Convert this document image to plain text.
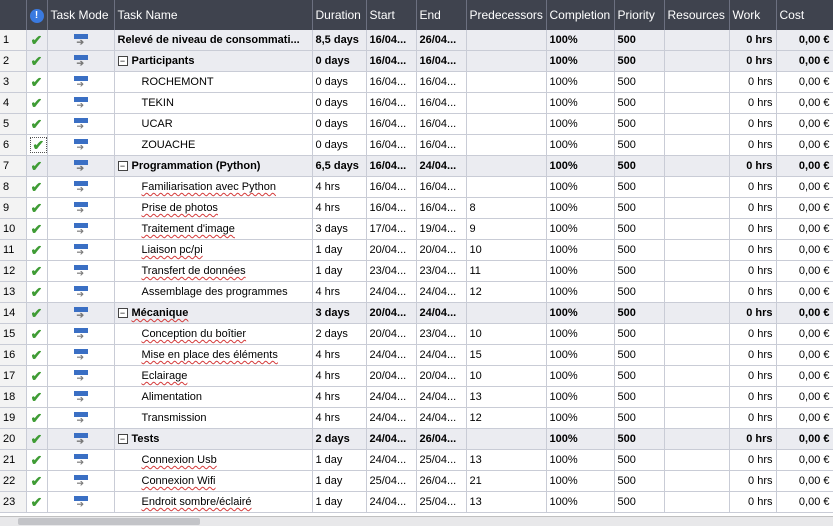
	!	Task Mode	Task Name	Duration	Start	End	Predecessors	Completion	Priority	Resources	Work	Cost
1	✔	➔	Relevé de niveau de consommati...	8,5 days	16/04...	26/04...		100%	500		0 hrs	0,00 €
2	✔	➔	− Participants	0 days	16/04...	16/04...		100%	500		0 hrs	0,00 €
3	✔	➔	ROCHEMONT	0 days	16/04...	16/04...		100%	500		0 hrs	0,00 €
4	✔	➔	TEKIN	0 days	16/04...	16/04...		100%	500		0 hrs	0,00 €
5	✔	➔	UCAR	0 days	16/04...	16/04...		100%	500		0 hrs	0,00 €
6	✔	➔	ZOUACHE	0 days	16/04...	16/04...		100%	500		0 hrs	0,00 €
7	✔	➔	− Programmation (Python)	6,5 days	16/04...	24/04...		100%	500		0 hrs	0,00 €
8	✔	➔	Familiarisation avec Python	4 hrs	16/04...	16/04...		100%	500		0 hrs	0,00 €
9	✔	➔	Prise de photos	4 hrs	16/04...	16/04...	8	100%	500		0 hrs	0,00 €
10	✔	➔	Traitement d'image	3 days	17/04...	19/04...	9	100%	500		0 hrs	0,00 €
11	✔	➔	Liaison pc/pi	1 day	20/04...	20/04...	10	100%	500		0 hrs	0,00 €
12	✔	➔	Transfert de données	1 day	23/04...	23/04...	11	100%	500		0 hrs	0,00 €
13	✔	➔	Assemblage des programmes	4 hrs	24/04...	24/04...	12	100%	500		0 hrs	0,00 €
14	✔	➔	− Mécanique	3 days	20/04...	24/04...		100%	500		0 hrs	0,00 €
15	✔	➔	Conception du boîtier	2 days	20/04...	23/04...	10	100%	500		0 hrs	0,00 €
16	✔	➔	Mise en place des éléments	4 hrs	24/04...	24/04...	15	100%	500		0 hrs	0,00 €
17	✔	➔	Eclairage	4 hrs	20/04...	20/04...	10	100%	500		0 hrs	0,00 €
18	✔	➔	Alimentation	4 hrs	24/04...	24/04...	13	100%	500		0 hrs	0,00 €
19	✔	➔	Transmission	4 hrs	24/04...	24/04...	12	100%	500		0 hrs	0,00 €
20	✔	➔	− Tests	2 days	24/04...	26/04...		100%	500		0 hrs	0,00 €
21	✔	➔	Connexion Usb	1 day	24/04...	25/04...	13	100%	500		0 hrs	0,00 €
22	✔	➔	Connexion Wifi	1 day	25/04...	26/04...	21	100%	500		0 hrs	0,00 €
23	✔	➔	Endroit sombre/éclairé	1 day	24/04...	25/04...	13	100%	500		0 hrs	0,00 €
